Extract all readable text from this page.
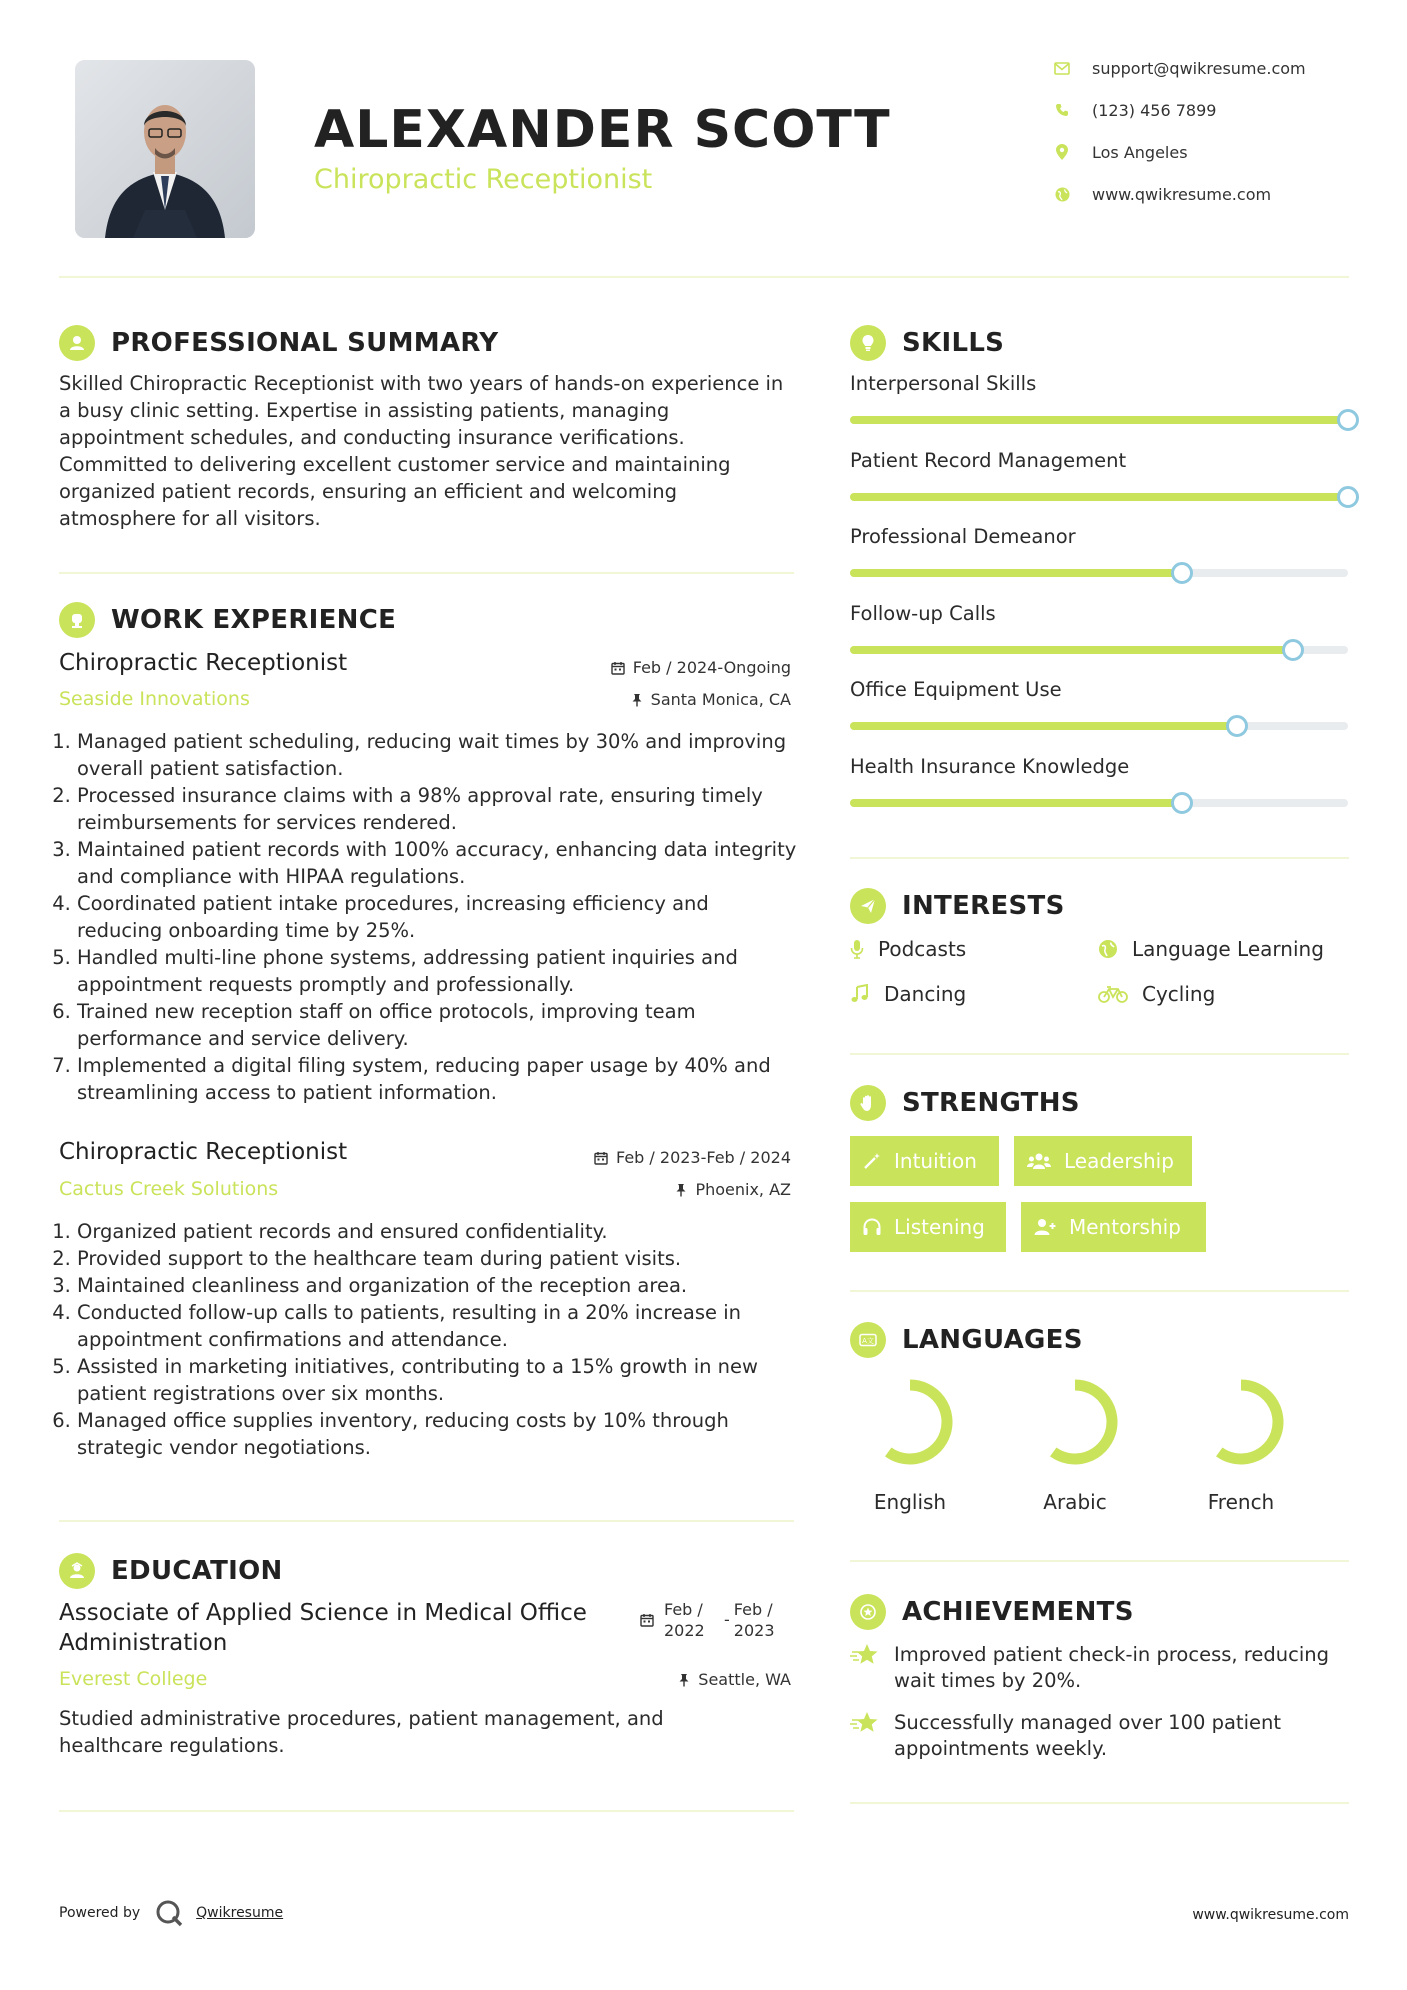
ALEXANDER SCOTT
Chiropractic Receptionist
support@qwikresume.com
(123) 456 7899
Los Angeles
www.qwikresume.com
PROFESSIONAL SUMMARY
Skilled Chiropractic Receptionist with two years of hands-on experience in a busy clinic setting. Expertise in assisting patients, managing appointment schedules, and conducting insurance verifications. Committed to delivering excellent customer service and maintaining organized patient records, ensuring an efficient and welcoming atmosphere for all visitors.
WORK EXPERIENCE
Chiropractic Receptionist	Feb / 2024-Ongoing
Seaside Innovations	Santa Monica, CA
1. Managed patient scheduling, reducing wait times by 30% and improving overall patient satisfaction.
2. Processed insurance claims with a 98% approval rate, ensuring timely reimbursements for services rendered.
3. Maintained patient records with 100% accuracy, enhancing data integrity and compliance with HIPAA regulations.
4. Coordinated patient intake procedures, increasing efficiency and reducing onboarding time by 25%.
5. Handled multi-line phone systems, addressing patient inquiries and appointment requests promptly and professionally.
6. Trained new reception staff on office protocols, improving team performance and service delivery.
7. Implemented a digital filing system, reducing paper usage by 40% and streamlining access to patient information.
Chiropractic Receptionist	Feb / 2023-Feb / 2024
Cactus Creek Solutions	Phoenix, AZ
1. Organized patient records and ensured confidentiality.
2. Provided support to the healthcare team during patient visits.
3. Maintained cleanliness and organization of the reception area.
4. Conducted follow-up calls to patients, resulting in a 20% increase in appointment confirmations and attendance.
5. Assisted in marketing initiatives, contributing to a 15% growth in new patient registrations over six months.
6. Managed office supplies inventory, reducing costs by 10% through strategic vendor negotiations.
EDUCATION
Associate of Applied Science in Medical Office Administration
Feb / 2022
-
Feb / 2023
Everest College	Seattle, WA
Studied administrative procedures, patient management, and healthcare regulations.
SKILLS
Interpersonal Skills
Patient Record Management
Professional Demeanor
Follow-up Calls
Office Equipment Use
Health Insurance Knowledge
INTERESTS
Podcasts	Language Learning
Dancing	Cycling
STRENGTHS
Intuition	Leadership
Listening	Mentorship
A文 LANGUAGES
English	Arabic	French
ACHIEVEMENTS
Improved patient check-in process, reducing wait times by 20%.
Successfully managed over 100 patient appointments weekly.
Powered by	Qwikresume	www.qwikresume.com
